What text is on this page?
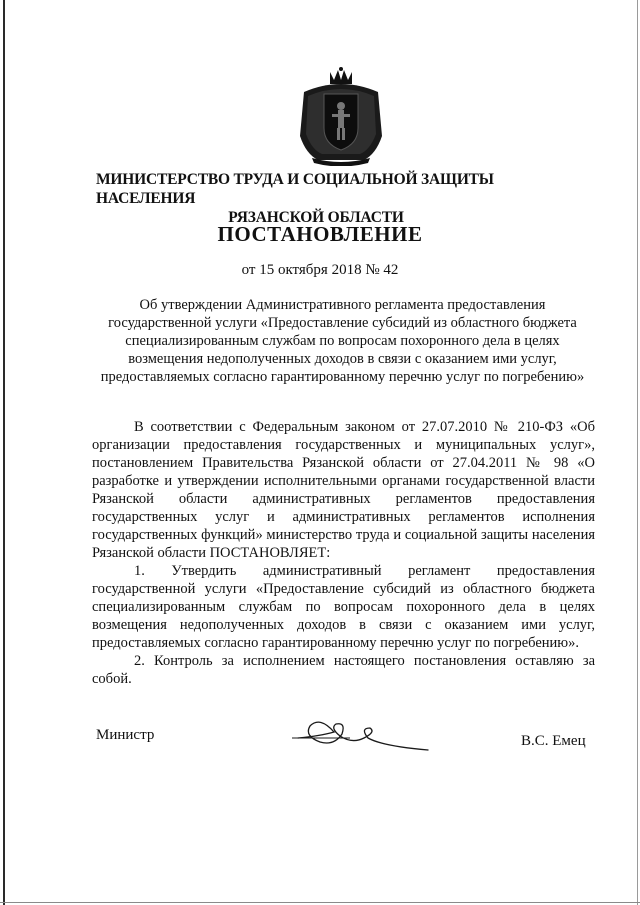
МИНИСТЕРСТВО ТРУДА И СОЦИАЛЬНОЙ ЗАЩИТЫ НАСЕЛЕНИЯ
РЯЗАНСКОЙ ОБЛАСТИ
ПОСТАНОВЛЕНИЕ
от 15 октября 2018 № 42
Об утверждении Административного регламента предоставления государственной услуги «Предоставление субсидий из областного бюджета специализированным службам по вопросам похоронного дела в целях возмещения недополученных доходов в связи с оказанием ими услуг, предоставляемых согласно гарантированному перечню услуг по погребению»

В соответствии с Федеральным законом от 27.07.2010 № 210-ФЗ «Об организации предоставления государственных и муниципальных услуг», постановлением Правительства Рязанской области от 27.04.2011 № 98 «О разработке и утверждении исполнительными органами государственной власти Рязанской области административных регламентов предоставления государственных услуг и административных регламентов исполнения государственных функций» министерство труда и социальной защиты населения Рязанской области ПОСТАНОВЛЯЕТ:

1. Утвердить административный регламент предоставления государственной услуги «Предоставление субсидий из областного бюджета специализированным службам по вопросам похоронного дела в целях возмещения недополученных доходов в связи с оказанием ими услуг, предоставляемых согласно гарантированному перечню услуг по погребению».

2. Контроль за исполнением настоящего постановления оставляю за собой.

Министр	В.С. Емец
